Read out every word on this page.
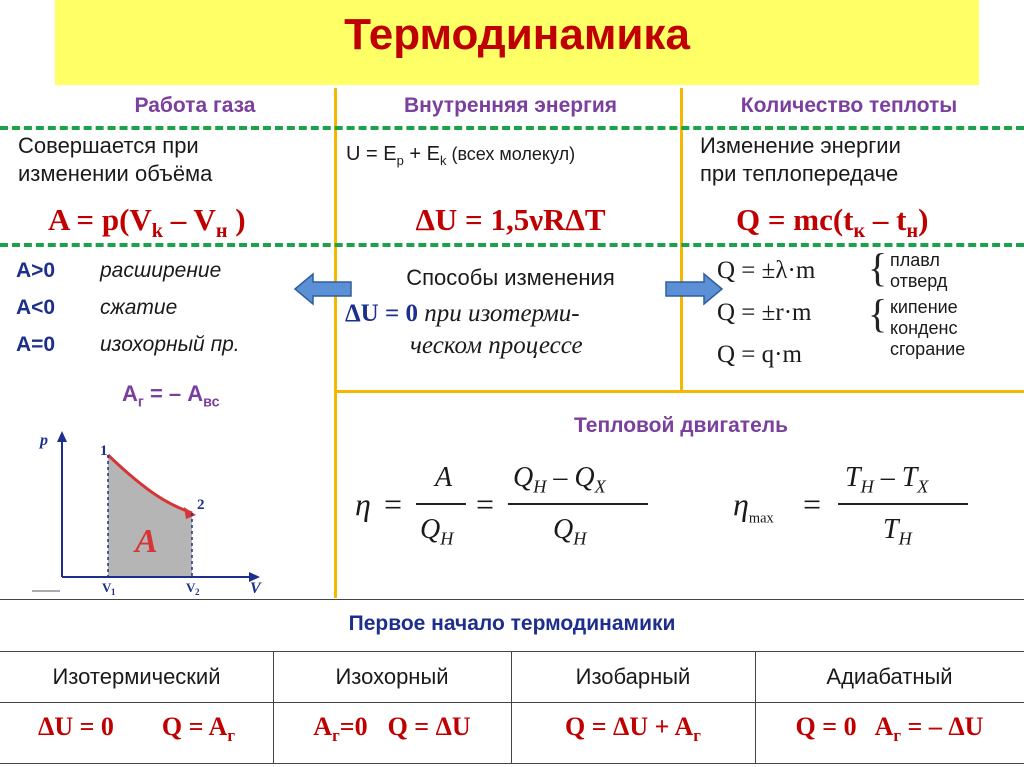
Термодинамика
Работа газа	Внутренняя энергия	Количество теплоты
Совершается при
изменении объёма
$A = p(V_k - V_н$ )
A>0 расширение
A<0 сжатие
A=0 изохорный пр.
$A_г$ = – $A_{вс}$
p
V
1
2
V 1	V 2
A
$U = E_p + E_k$ (всех молекул)
ΔU = 1,5νRΔT
Способы изменения
ΔU = 0 при изотерми-
ческом процессе
Изменение энергии
при теплопередаче
$Q = mc(t_к - t_н)$
Q = ±λ·m
Q = ±r·m
Q = q·m
{
{
плавл
отверд
кипение
конденс
сгорание
Тепловой двигатель
η =
A
$Q_H$
=
$Q_H - Q_X$
$Q_H$
$\eta_{max}$ =
$T_H - T_X$
$T_H$
Первое начало термодинамики
Изотермический	Изохорный	Изобарный	Адиабатный
ΔU = 0 $Q = A_г$	$A_г=0$ Q = ΔU	$Q = \Delta U + A_г$	Q = 0 $A_г$ = – ΔU
